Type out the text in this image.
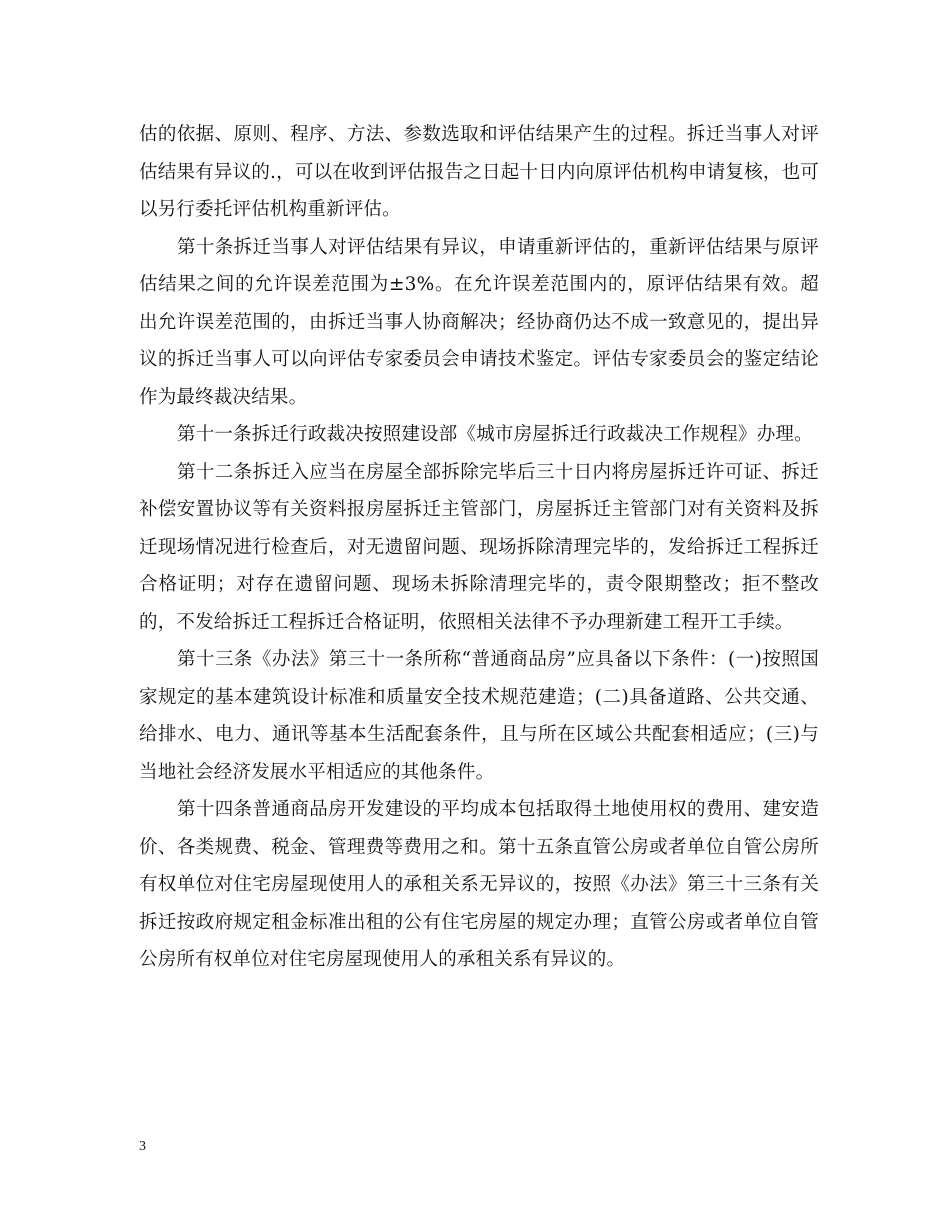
估的依据、原则、程序、方法、参数选取和评估结果产生的过程。拆迁当事人对评估结果有异议的.，可以在收到评估报告之日起十日内向原评估机构申请复核，也可以另行委托评估机构重新评估。

第十条拆迁当事人对评估结果有异议，申请重新评估的，重新评估结果与原评估结果之间的允许误差范围为±3%。在允许误差范围内的，原评估结果有效。超出允许误差范围的，由拆迁当事人协商解决；经协商仍达不成一致意见的，提出异议的拆迁当事人可以向评估专家委员会申请技术鉴定。评估专家委员会的鉴定结论作为最终裁决结果。

第十一条拆迁行政裁决按照建设部《城市房屋拆迁行政裁决工作规程》办理。

第十二条拆迁入应当在房屋全部拆除完毕后三十日内将房屋拆迁许可证、拆迁补偿安置协议等有关资料报房屋拆迁主管部门，房屋拆迁主管部门对有关资料及拆迁现场情况进行检查后，对无遗留问题、现场拆除清理完毕的，发给拆迁工程拆迁合格证明；对存在遗留问题、现场未拆除清理完毕的，责令限期整改；拒不整改的，不发给拆迁工程拆迁合格证明，依照相关法律不予办理新建工程开工手续。

第十三条《办法》第三十一条所称“普通商品房”应具备以下条件：(一)按照国家规定的基本建筑设计标准和质量安全技术规范建造；(二)具备道路、公共交通、给排水、电力、通讯等基本生活配套条件，且与所在区域公共配套相适应；(三)与当地社会经济发展水平相适应的其他条件。

第十四条普通商品房开发建设的平均成本包括取得土地使用权的费用、建安造价、各类规费、税金、管理费等费用之和。第十五条直管公房或者单位自管公房所有权单位对住宅房屋现使用人的承租关系无异议的，按照《办法》第三十三条有关拆迁按政府规定租金标准出租的公有住宅房屋的规定办理；直管公房或者单位自管公房所有权单位对住宅房屋现使用人的承租关系有异议的。

3
